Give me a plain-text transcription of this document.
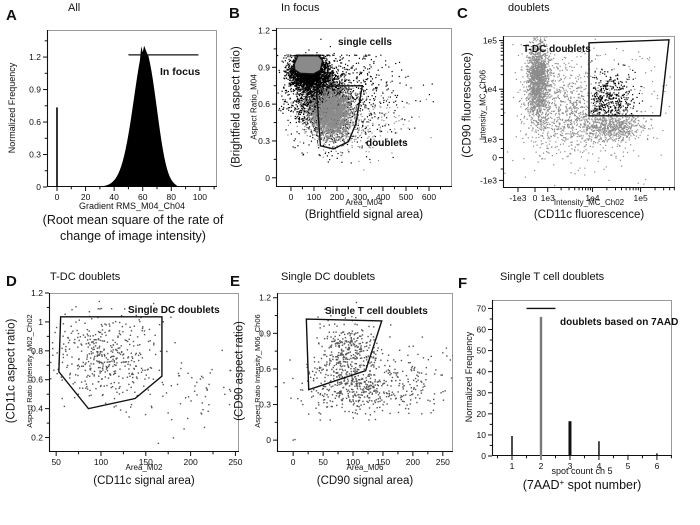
A	All
Normalized Frequency
Gradient RMS_M04_Ch04
(Root mean square of the rate of
change of image intensity)
In focus
B	In focus
(Brightfield aspect ratio) Aspect Ratio_M04
Area_M04
(Brightfield signal area)
single cells
doublets
C	doublets
(CD90 fluorescence) Intensity_MC_Ch06
Intensity_MC_Ch02
(CD11c fluorescence)
T-DC doublets
D	T-DC doublets
(CD11c aspect ratio) Aspect Ratio Intensity_M02_Ch02
Area_M02
(CD11c signal area)
Single DC doublets
E	Single DC doublets
(CD90 aspect ratio) Aspect Ratio Intensity_M06_Ch06
Area_M06
(CD90 signal area)
Single T cell doublets
F	Single T cell doublets
Normalized Frequency
spot count ch 5
(7AAD+ spot number)
doublets based on 7AAD
